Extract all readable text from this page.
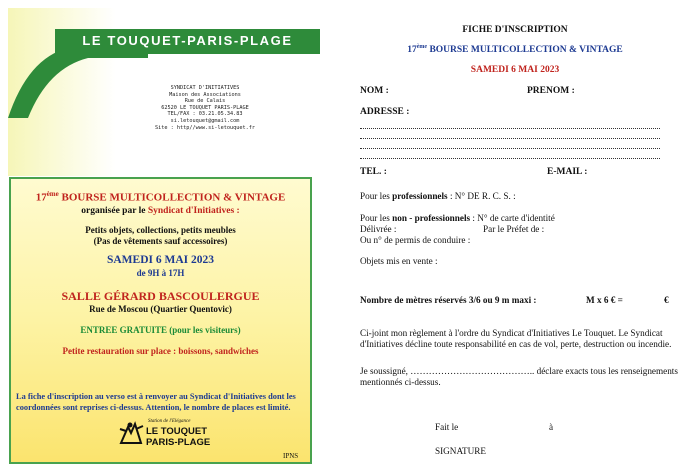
LE TOUQUET-PARIS-PLAGE
SYNDICAT D'INITIATIVES
Maison des Associations
Rue de Calais
62520 LE TOUQUET PARIS-PLAGE
TEL/FAX : 03.21.05.34.83
si.letouquet@gmail.com
Site : http//www.si-letouquet.fr
17ème BOURSE MULTICOLLECTION & VINTAGE
organisée par le Syndicat d'Initiatives :
Petits objets, collections, petits meubles
(Pas de vêtements sauf accessoires)
SAMEDI 6 MAI 2023
de 9H à 17H
SALLE GÉRARD BASCOULERGUE
Rue de Moscou (Quartier Quentovic)
ENTREE GRATUITE (pour les visiteurs)
Petite restauration sur place : boissons, sandwiches
La fiche d'inscription au verso est à renvoyer au Syndicat d'Initiatives dont les coordonnées sont reprises ci-dessus. Attention, le nombre de places est limité.
Station de l'Elégance
LE TOUQUET
PARIS-PLAGE
IPNS
FICHE D'INSCRIPTION
17ème BOURSE MULTICOLLECTION & VINTAGE
SAMEDI 6 MAI 2023
NOM :	PRENOM :
ADRESSE :
TEL. :	E-MAIL :
Pour les professionnels : N° DE R. C. S. :
Pour les non - professionnels : N° de carte d'identité
Délivrée :	Par le Préfet de :
Ou n° de permis de conduire :
Objets mis en vente :
Nombre de mètres réservés 3/6 ou 9 m maxi :	M x 6 € =	€
Ci-joint mon règlement à l'ordre du Syndicat d'Initiatives Le Touquet. Le Syndicat d'Initiatives décline toute responsabilité en cas de vol, perte, destruction ou incendie.
Je soussigné, ………………………………….. déclare exacts tous les renseignements mentionnés ci-dessus.
Fait le	à
SIGNATURE
